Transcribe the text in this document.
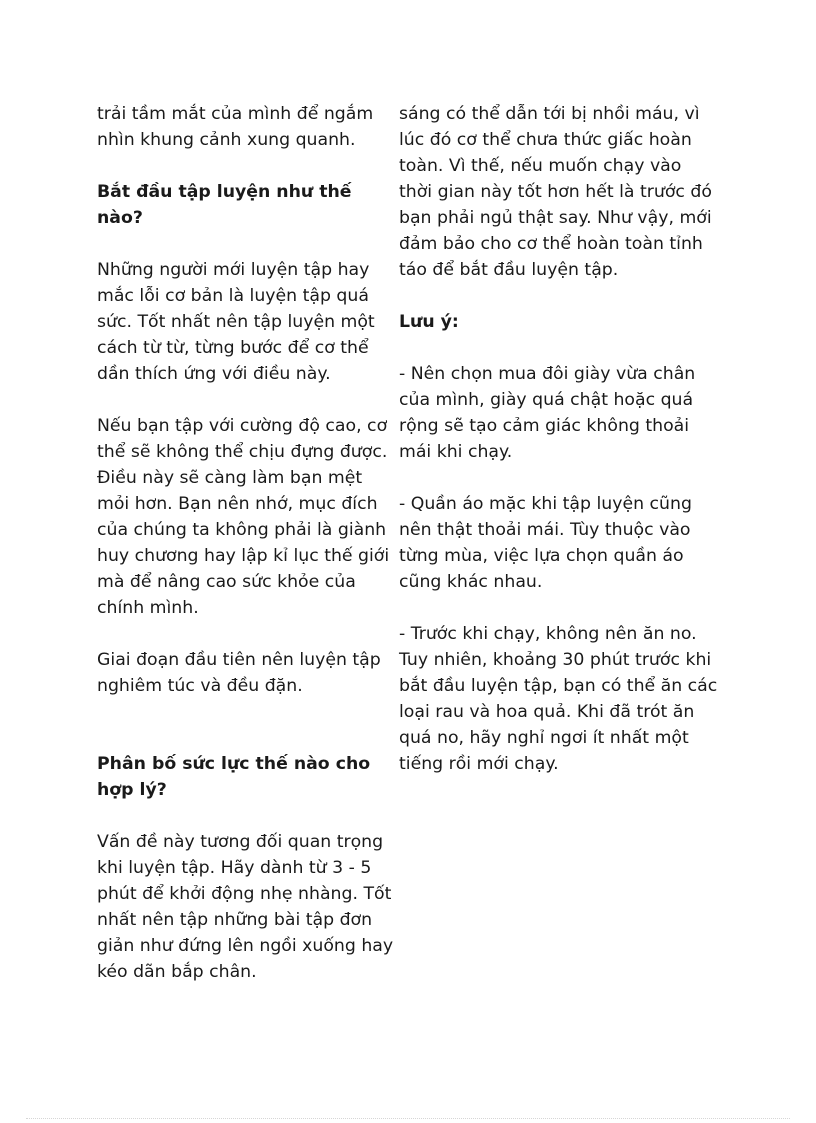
trải tầm mắt của mình để ngắm
nhìn khung cảnh xung quanh.

Bắt đầu tập luyện như thế
nào?

Những người mới luyện tập hay
mắc lỗi cơ bản là luyện tập quá
sức. Tốt nhất nên tập luyện một
cách từ từ, từng bước để cơ thể
dần thích ứng với điều này.

Nếu bạn tập với cường độ cao, cơ
thể sẽ không thể chịu đựng được.
Điều này sẽ càng làm bạn mệt
mỏi hơn. Bạn nên nhớ, mục đích
của chúng ta không phải là giành
huy chương hay lập kỉ lục thế giới
mà để nâng cao sức khỏe của
chính mình.

Giai đoạn đầu tiên nên luyện tập
nghiêm túc và đều đặn.

Phân bố sức lực thế nào cho
hợp lý?

Vấn đề này tương đối quan trọng
khi luyện tập. Hãy dành từ 3 - 5
phút để khởi động nhẹ nhàng. Tốt
nhất nên tập những bài tập đơn
giản như đứng lên ngồi xuống hay
kéo dãn bắp chân.

sáng có thể dẫn tới bị nhồi máu, vì
lúc đó cơ thể chưa thức giấc hoàn
toàn. Vì thế, nếu muốn chạy vào
thời gian này tốt hơn hết là trước đó
bạn phải ngủ thật say. Như vậy, mới
đảm bảo cho cơ thể hoàn toàn tỉnh
táo để bắt đầu luyện tập.

Lưu ý:

- Nên chọn mua đôi giày vừa chân
của mình, giày quá chật hoặc quá
rộng sẽ tạo cảm giác không thoải
mái khi chạy.

- Quần áo mặc khi tập luyện cũng
nên thật thoải mái. Tùy thuộc vào
từng mùa, việc lựa chọn quần áo
cũng khác nhau.

- Trước khi chạy, không nên ăn no.
Tuy nhiên, khoảng 30 phút trước khi
bắt đầu luyện tập, bạn có thể ăn các
loại rau và hoa quả. Khi đã trót ăn
quá no, hãy nghỉ ngơi ít nhất một
tiếng rồi mới chạy.
